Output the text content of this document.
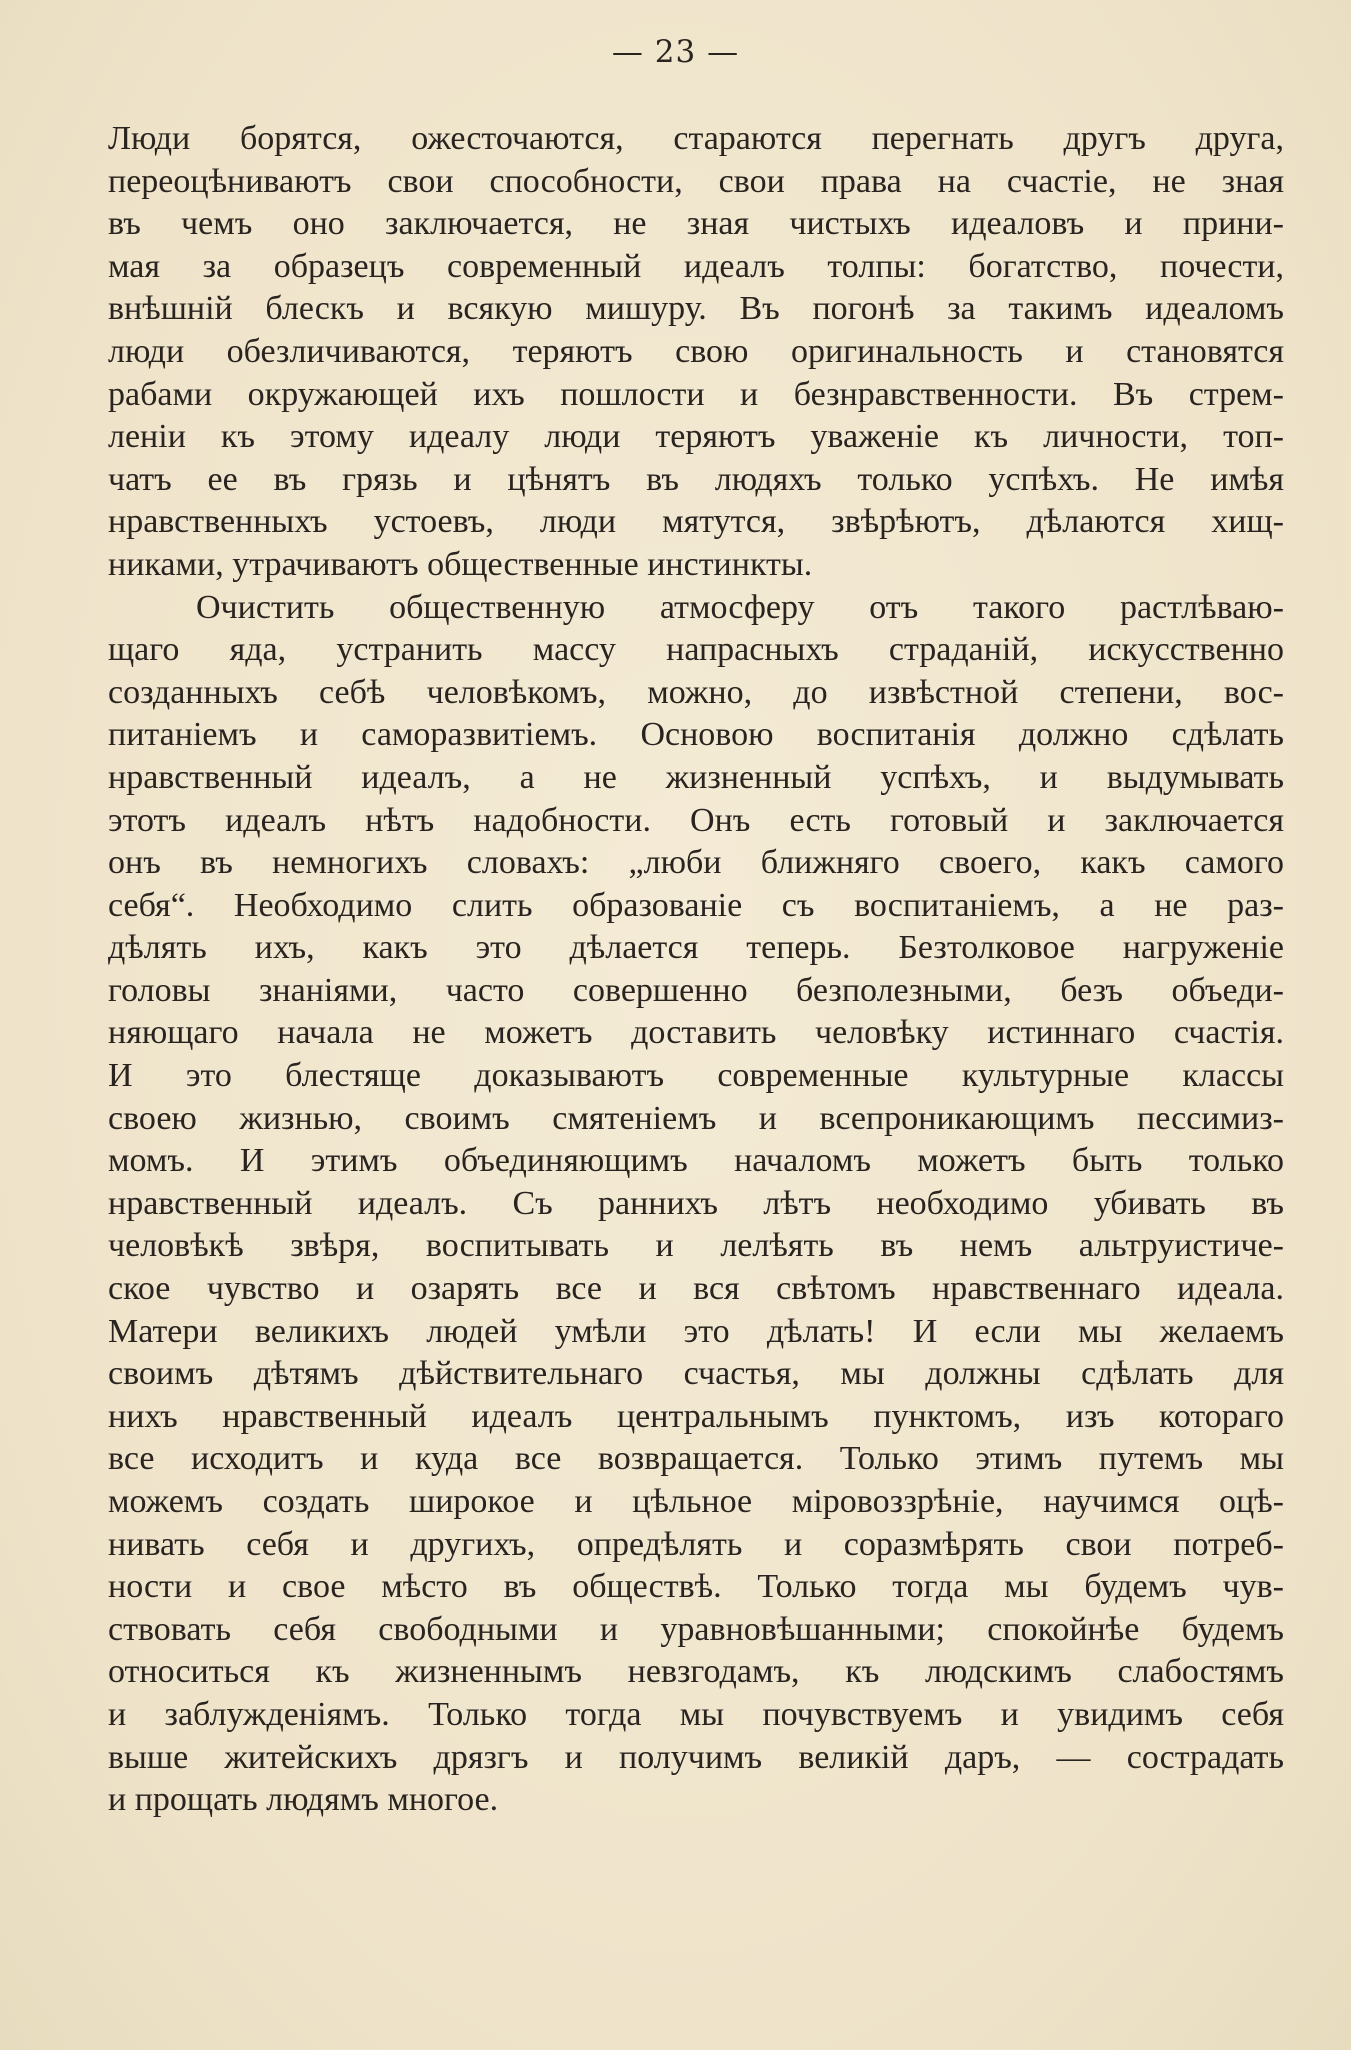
— 23 —
Люди борятся, ожесточаются, стараются перегнать другъ друга,
переоцѣниваютъ свои способности, свои права на счастіе, не зная
въ чемъ оно заключается, не зная чистыхъ идеаловъ и прини-
мая за образецъ современный идеалъ толпы: богатство, почести,
внѣшній блескъ и всякую мишуру. Въ погонѣ за такимъ идеаломъ
люди обезличиваются, теряютъ свою оригинальность и становятся
рабами окружающей ихъ пошлости и безнравственности. Въ стрем-
леніи къ этому идеалу люди теряютъ уваженіе къ личности, топ-
чатъ ее въ грязь и цѣнятъ въ людяхъ только успѣхъ. Не имѣя
нравственныхъ устоевъ, люди мятутся, звѣрѣютъ, дѣлаются хищ-
никами, утрачиваютъ общественные инстинкты.
Очистить общественную атмосферу отъ такого растлѣваю-
щаго яда, устранить массу напрасныхъ страданій, искусственно
созданныхъ себѣ человѣкомъ, можно, до извѣстной степени, вос-
питаніемъ и саморазвитіемъ. Основою воспитанія должно сдѣлать
нравственный идеалъ, а не жизненный успѣхъ, и выдумывать
этотъ идеалъ нѣтъ надобности. Онъ есть готовый и заключается
онъ въ немногихъ словахъ: „люби ближняго своего, какъ самого
себя“. Необходимо слить образованіе съ воспитаніемъ, а не раз-
дѣлять ихъ, какъ это дѣлается теперь. Безтолковое нагруженіе
головы знаніями, часто совершенно безполезными, безъ объеди-
няющаго начала не можетъ доставить человѣку истиннаго счастія.
И это блестяще доказываютъ современные культурные классы
своею жизнью, своимъ смятеніемъ и всепроникающимъ пессимиз-
момъ. И этимъ объединяющимъ началомъ можетъ быть только
нравственный идеалъ. Съ раннихъ лѣтъ необходимо убивать въ
человѣкѣ звѣря, воспитывать и лелѣять въ немъ альтруистиче-
ское чувство и озарять все и вся свѣтомъ нравственнаго идеала.
Матери великихъ людей умѣли это дѣлать! И если мы желаемъ
своимъ дѣтямъ дѣйствительнаго счастья, мы должны сдѣлать для
нихъ нравственный идеалъ центральнымъ пунктомъ, изъ котораго
все исходитъ и куда все возвращается. Только этимъ путемъ мы
можемъ создать широкое и цѣльное міровоззрѣніе, научимся оцѣ-
нивать себя и другихъ, опредѣлять и соразмѣрять свои потреб-
ности и свое мѣсто въ обществѣ. Только тогда мы будемъ чув-
ствовать себя свободными и уравновѣшанными; спокойнѣе будемъ
относиться къ жизненнымъ невзгодамъ, къ людскимъ слабостямъ
и заблужденіямъ. Только тогда мы почувствуемъ и увидимъ себя
выше житейскихъ дрязгъ и получимъ великій даръ, — сострадать
и прощать людямъ многое.
